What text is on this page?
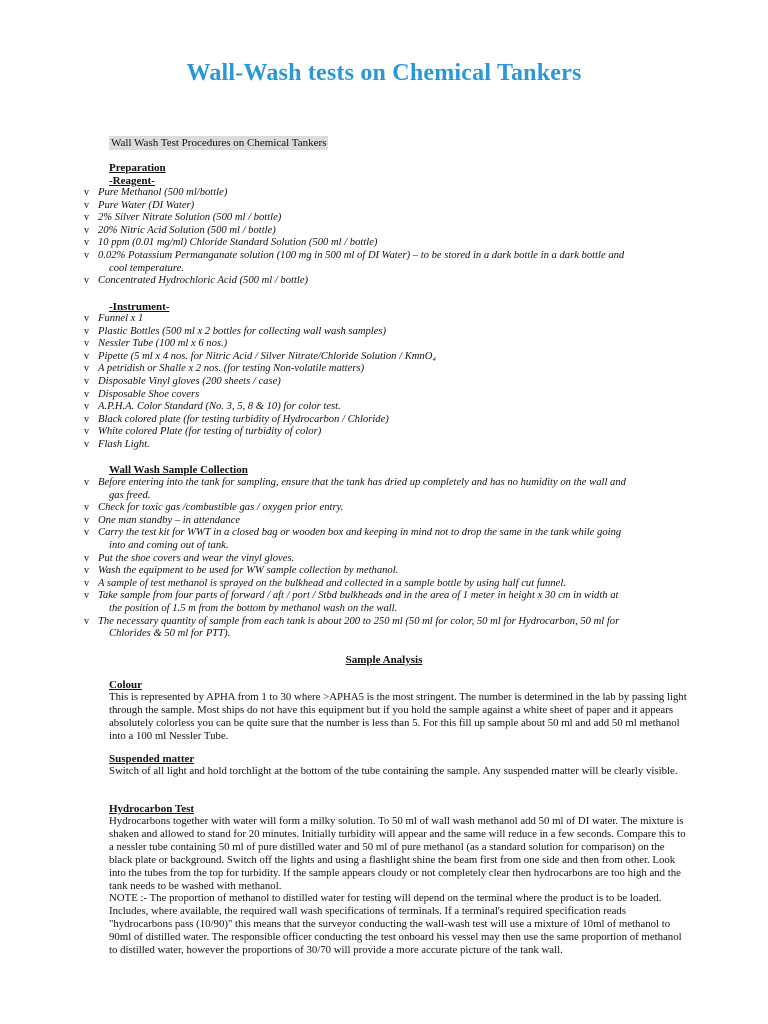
Wall-Wash tests on Chemical Tankers
Wall Wash Test Procedures on Chemical Tankers
Preparation
-Reagent-
v Pure Methanol (500 ml/bottle)
v Pure Water (DI Water)
v 2% Silver Nitrate Solution (500 ml / bottle)
v 20% Nitric Acid Solution (500 ml / bottle)
v 10 ppm (0.01 mg/ml) Chloride Standard Solution (500 ml / bottle)
v 0.02% Potassium Permanganate solution (100 mg in 500 ml of DI Water) – to be stored in a dark bottle in a dark bottle and
cool temperature.
v Concentrated Hydrochloric Acid (500 ml / bottle)
-Instrument-
v Funnel x 1
v Plastic Bottles (500 ml x 2 bottles for collecting wall wash samples)
v Nessler Tube (100 ml x 6 nos.)
v Pipette (5 ml x 4 nos. for Nitric Acid / Silver Nitrate/Chloride Solution / KmnO₄
v A petridish or Shalle x 2 nos. (for testing Non-volatile matters)
v Disposable Vinyl gloves (200 sheets / case)
v Disposable Shoe covers
v A.P.H.A. Color Standard (No. 3, 5, 8 & 10) for color test.
v Black colored plate (for testing turbidity of Hydrocarbon / Chloride)
v White colored Plate (for testing of turbidity of color)
v Flash Light.
Wall Wash Sample Collection
v Before entering into the tank for sampling, ensure that the tank has dried up completely and has no humidity on the wall and
gas freed.
v Check for toxic gas /combustible gas / oxygen prior entry.
v One man standby – in attendance
v Carry the test kit for WWT in a closed bag or wooden box and keeping in mind not to drop the same in the tank while going
into and coming out of tank.
v Put the shoe covers and wear the vinyl gloves.
v Wash the equipment to be used for WW sample collection by methanol.
v A sample of test methanol is sprayed on the bulkhead and collected in a sample bottle by using half cut funnel.
v Take sample from four parts of forward / aft / port / Stbd bulkheads and in the area of 1 meter in height x 30 cm in width at
the position of 1.5 m from the bottom by methanol wash on the wall.
v The necessary quantity of sample from each tank is about 200 to 250 ml (50 ml for color, 50 ml for Hydrocarbon, 50 ml for
Chlorides & 50 ml for PTT).
Sample Analysis
Colour

This is represented by APHA from 1 to 30 where >APHA5 is the most stringent. The number is determined in the lab by passing light through the sample. Most ships do not have this equipment but if you hold the sample against a white sheet of paper and it appears absolutely colorless you can be quite sure that the number is less than 5. For this fill up sample about 50 ml and add 50 ml methanol into a 100 ml Nessler Tube.

Suspended matter

Switch of all light and hold torchlight at the bottom of the tube containing the sample. Any suspended matter will be clearly visible.

Hydrocarbon Test

Hydrocarbons together with water will form a milky solution. To 50 ml of wall wash methanol add 50 ml of DI water. The mixture is shaken and allowed to stand for 20 minutes. Initially turbidity will appear and the same will reduce in a few seconds. Compare this to a nessler tube containing 50 ml of pure distilled water and 50 ml of pure methanol (as a standard solution for comparison) on the black plate or background. Switch off the lights and using a flashlight shine the beam first from one side and then from other. Look into the tubes from the top for turbidity. If the sample appears cloudy or not completely clear then hydrocarbons are too high and the tank needs to be washed with methanol.

NOTE :- The proportion of methanol to distilled water for testing will depend on the terminal where the product is to be loaded. Includes, where available, the required wall wash specifications of terminals. If a terminal's required specification reads "hydrocarbons pass (10/90)" this means that the surveyor conducting the wall-wash test will use a mixture of 10ml of methanol to 90ml of distilled water. The responsible officer conducting the test onboard his vessel may then use the same proportion of methanol to distilled water, however the proportions of 30/70 will provide a more accurate picture of the tank wall.
